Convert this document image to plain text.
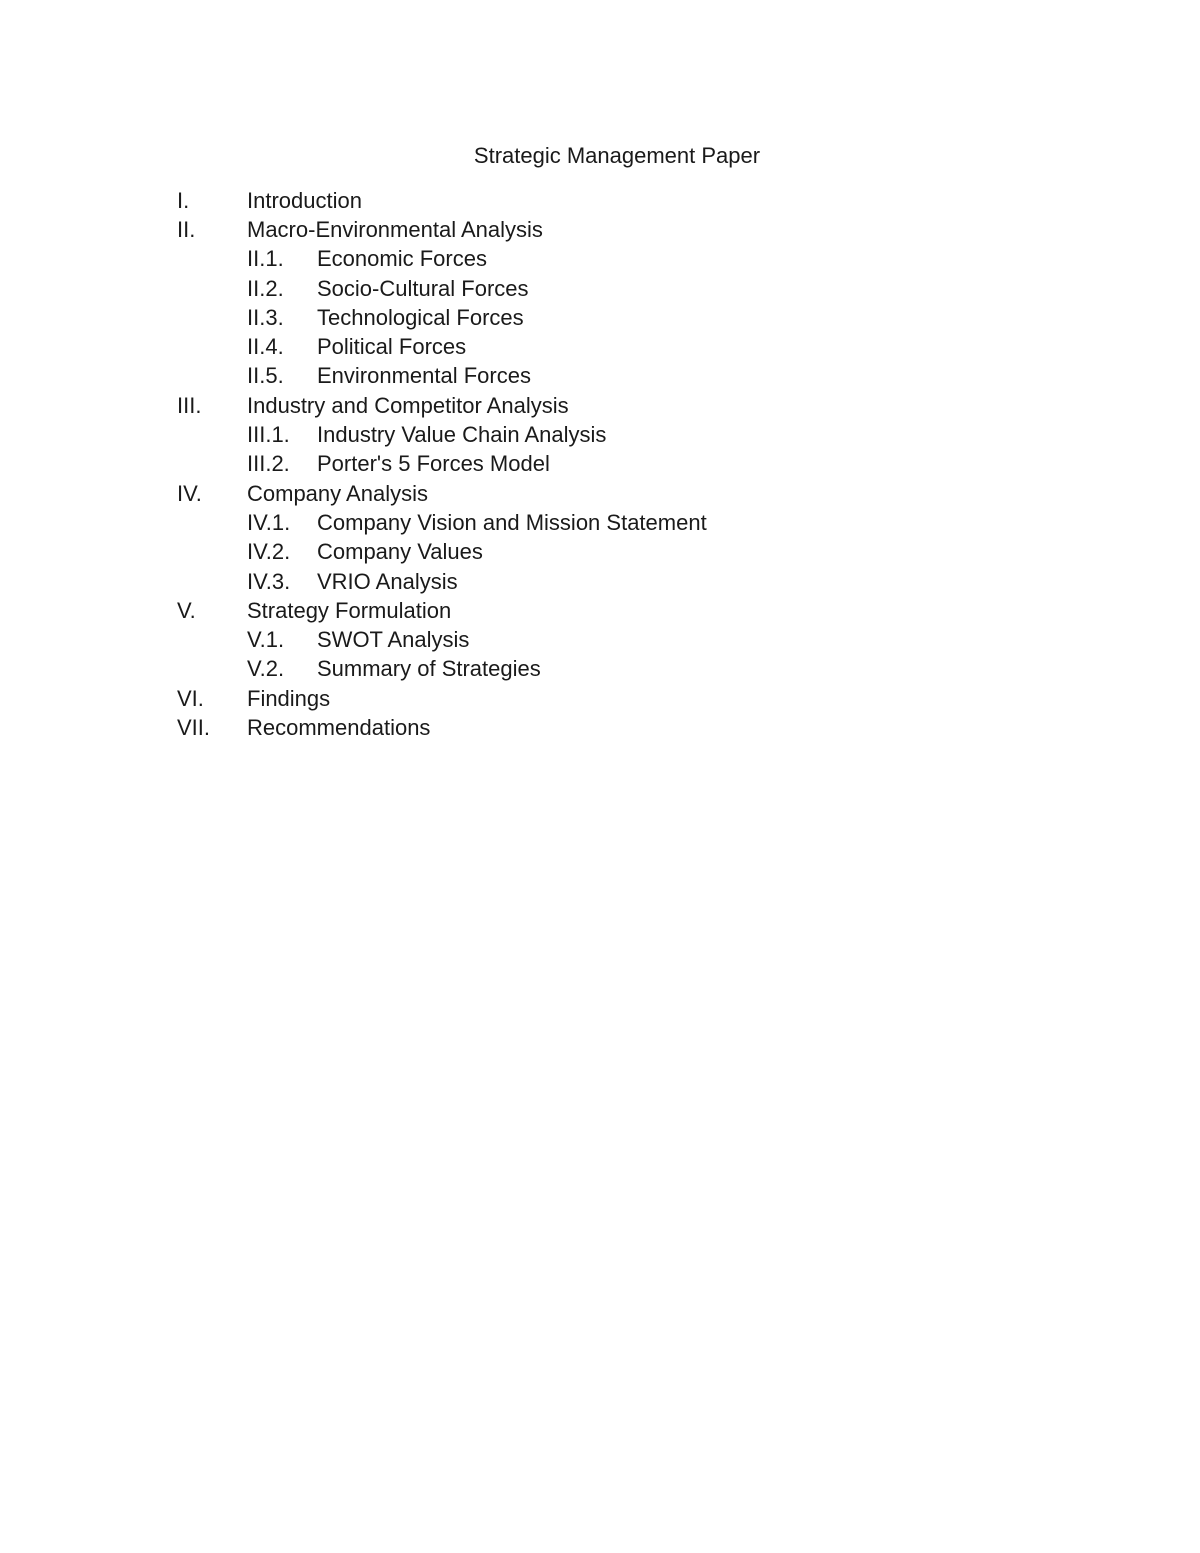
Strategic Management Paper
I.	Introduction
II.	Macro-Environmental Analysis
II.1.	Economic Forces
II.2.	Socio-Cultural Forces
II.3.	Technological Forces
II.4.	Political Forces
II.5.	Environmental Forces
III.	Industry and Competitor Analysis
III.1.	Industry Value Chain Analysis
III.2.	Porter's 5 Forces Model
IV.	Company Analysis
IV.1.	Company Vision and Mission Statement
IV.2.	Company Values
IV.3.	VRIO Analysis
V.	Strategy Formulation
V.1.	SWOT Analysis
V.2.	Summary of Strategies
VI.	Findings
VII.	Recommendations
